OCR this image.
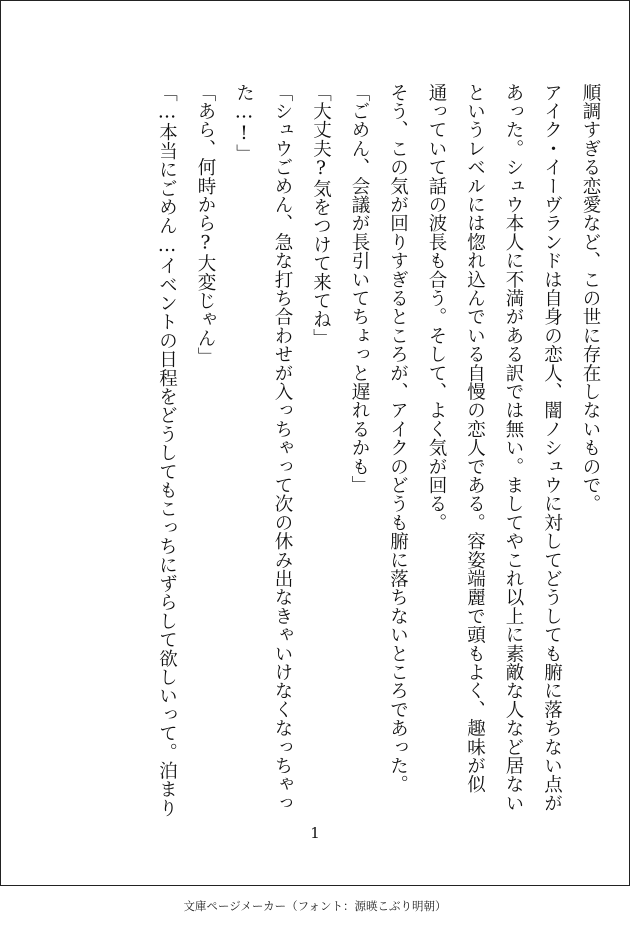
順調すぎる恋愛など、この世に存在しないもので。
アイク・イーヴランドは自身の恋人、闇ノシュウに対してどうしても腑に落ちない点が
あった。シュウ本人に不満がある訳では無い。ましてやこれ以上に素敵な人など居ない
というレベルには惚れ込んでいる自慢の恋人である。容姿端麗で頭もよく、趣味が似
通っていて話の波長も合う。そして、よく気が回る。
そう、この気が回りすぎるところが、アイクのどうも腑に落ちないところであった。
「ごめん、会議が長引いてちょっと遅れるかも」
「大丈夫?気をつけて来てね」
「シュウごめん、急な打ち合わせが入っちゃって次の休み出なきゃいけなくなっちゃっ
た…!」
「あら、何時から?大変じゃん」
「…本当にごめん…イベントの日程をどうしてもこっちにずらして欲しいって。泊まり
1
文庫ページメーカー（フォント：源暎こぶり明朝）
